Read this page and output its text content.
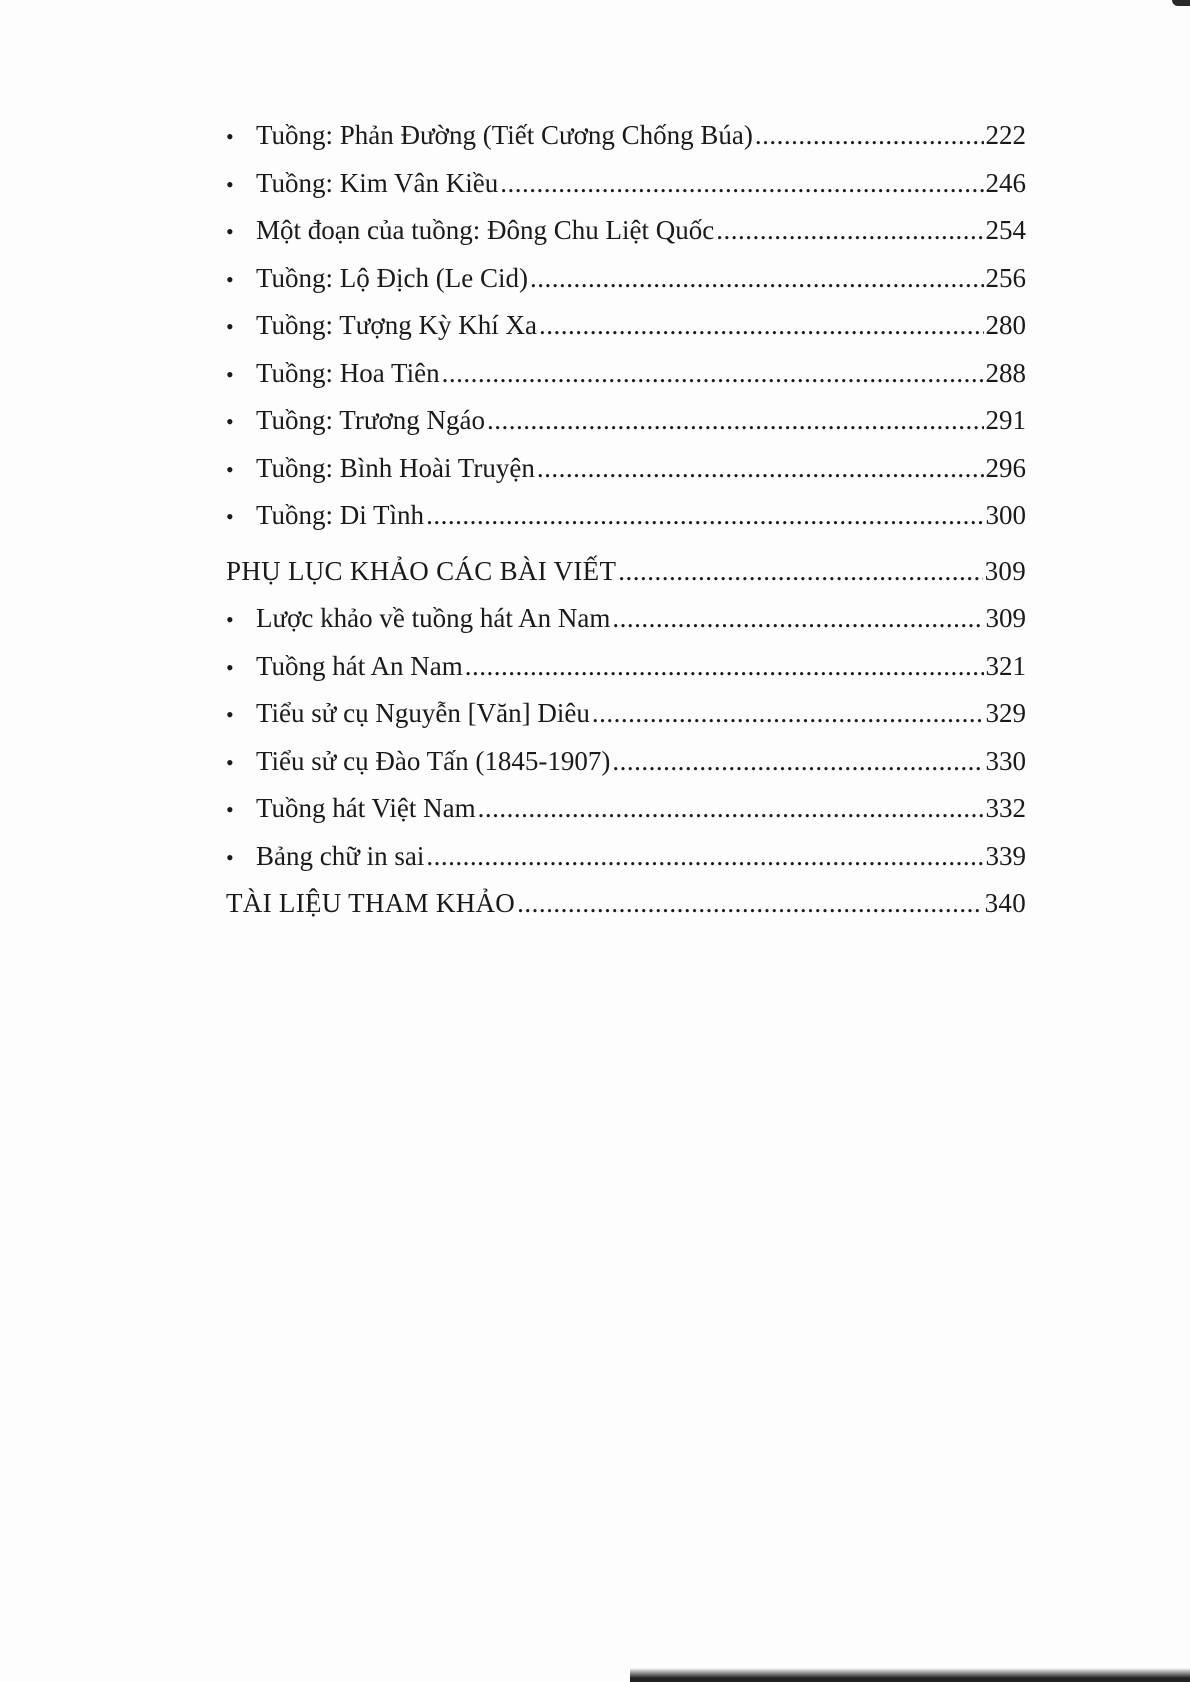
• Tuồng: Phản Đường (Tiết Cương Chống Búa) .....	222
• Tuồng: Kim Vân Kiều .....	246
• Một đoạn của tuồng: Đông Chu Liệt Quốc .....	254
• Tuồng: Lộ Địch (Le Cid) .....	256
• Tuồng: Tượng Kỳ Khí Xa .....	280
• Tuồng: Hoa Tiên .....	288
• Tuồng: Trương Ngáo .....	291
• Tuồng: Bình Hoài Truyện .....	296
• Tuồng: Di Tình .....	300
PHỤ LỤC KHẢO CÁC BÀI VIẾT .....	309
• Lược khảo về tuồng hát An Nam .....	309
• Tuồng hát An Nam .....	321
• Tiểu sử cụ Nguyễn [Văn] Diêu .....	329
• Tiểu sử cụ Đào Tấn (1845-1907) .....	330
• Tuồng hát Việt Nam .....	332
• Bảng chữ in sai .....	339
TÀI LIỆU THAM KHẢO .....	340
